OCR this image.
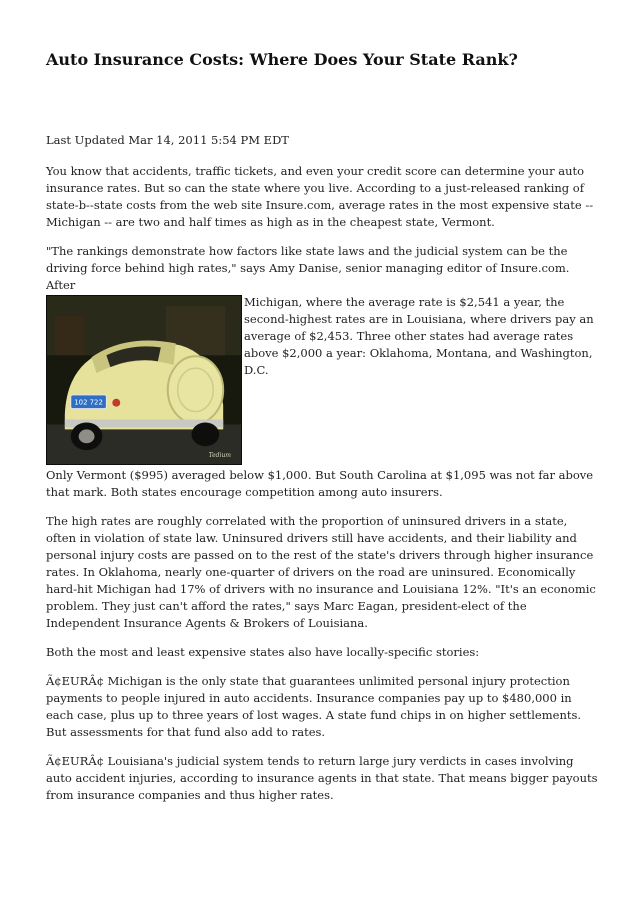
Auto Insurance Costs: Where Does Your State Rank?
Last Updated Mar 14, 2011 5:54 PM EDT

You know that accidents, traffic tickets, and even your credit score can determine your auto insurance rates. But so can the state where you live. According to a just-released ranking of state-b--state costs from the web site Insure.com, average rates in the most expensive state -- Michigan -- are two and half times as high as in the cheapest state, Vermont.

"The rankings demonstrate how factors like state laws and the judicial system can be the driving force behind high rates," says Amy Danise, senior managing editor of Insure.com. After

102 722
Tedium

Michigan, where the average rate is $2,541 a year, the second-highest rates are in Louisiana, where drivers pay an average of $2,453. Three other states had average rates above $2,000 a year: Oklahoma, Montana, and Washington, D.C.

Only Vermont ($995) averaged below $1,000. But South Carolina at $1,095 was not far above that mark. Both states encourage competition among auto insurers.

The high rates are roughly correlated with the proportion of uninsured drivers in a state, often in violation of state law. Uninsured drivers still have accidents, and their liability and personal injury costs are passed on to the rest of the state's drivers through higher insurance rates. In Oklahoma, nearly one-quarter of drivers on the road are uninsured. Economically hard-hit Michigan had 17% of drivers with no insurance and Louisiana 12%. "It's an economic problem. They just can't afford the rates," says Marc Eagan, president-elect of the Independent Insurance Agents & Brokers of Louisiana.

Both the most and least expensive states also have locally-specific stories:

Ã¢EURÂ¢ Michigan is the only state that guarantees unlimited personal injury protection payments to people injured in auto accidents. Insurance companies pay up to $480,000 in each case, plus up to three years of lost wages. A state fund chips in on higher settlements. But assessments for that fund also add to rates.

Ã¢EURÂ¢ Louisiana's judicial system tends to return large jury verdicts in cases involving auto accident injuries, according to insurance agents in that state. That means bigger payouts from insurance companies and thus higher rates.
